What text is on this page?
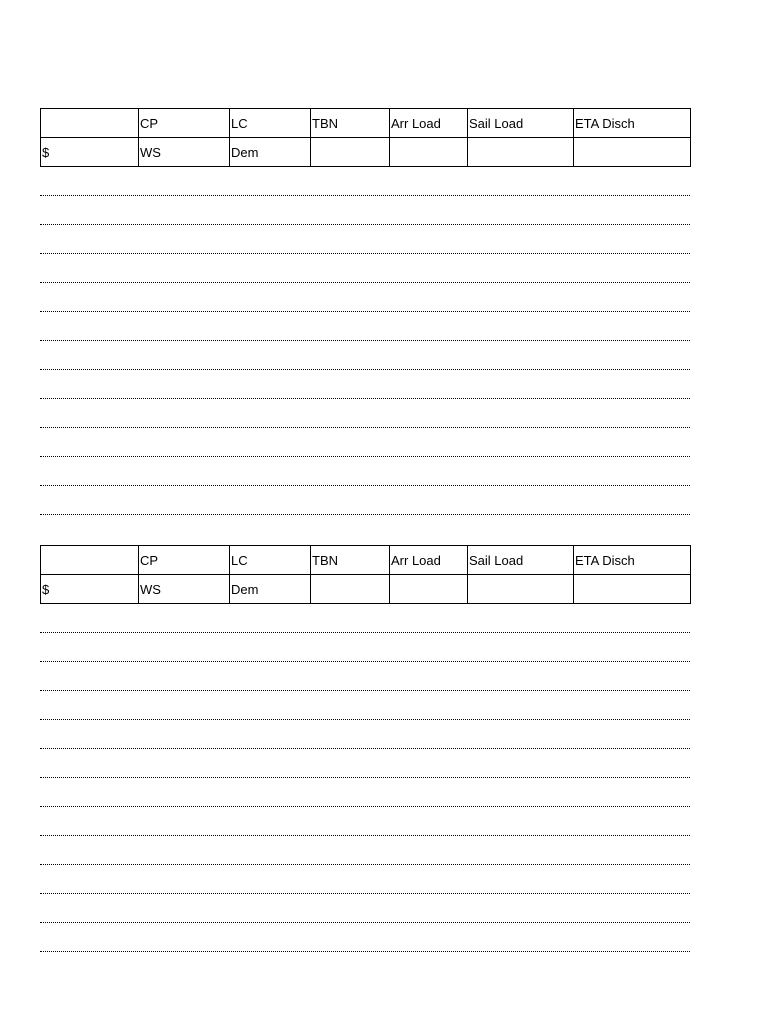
	CP	LC	TBN	Arr Load	Sail Load	ETA Disch
$	WS	Dem				
	CP	LC	TBN	Arr Load	Sail Load	ETA Disch
$	WS	Dem				
